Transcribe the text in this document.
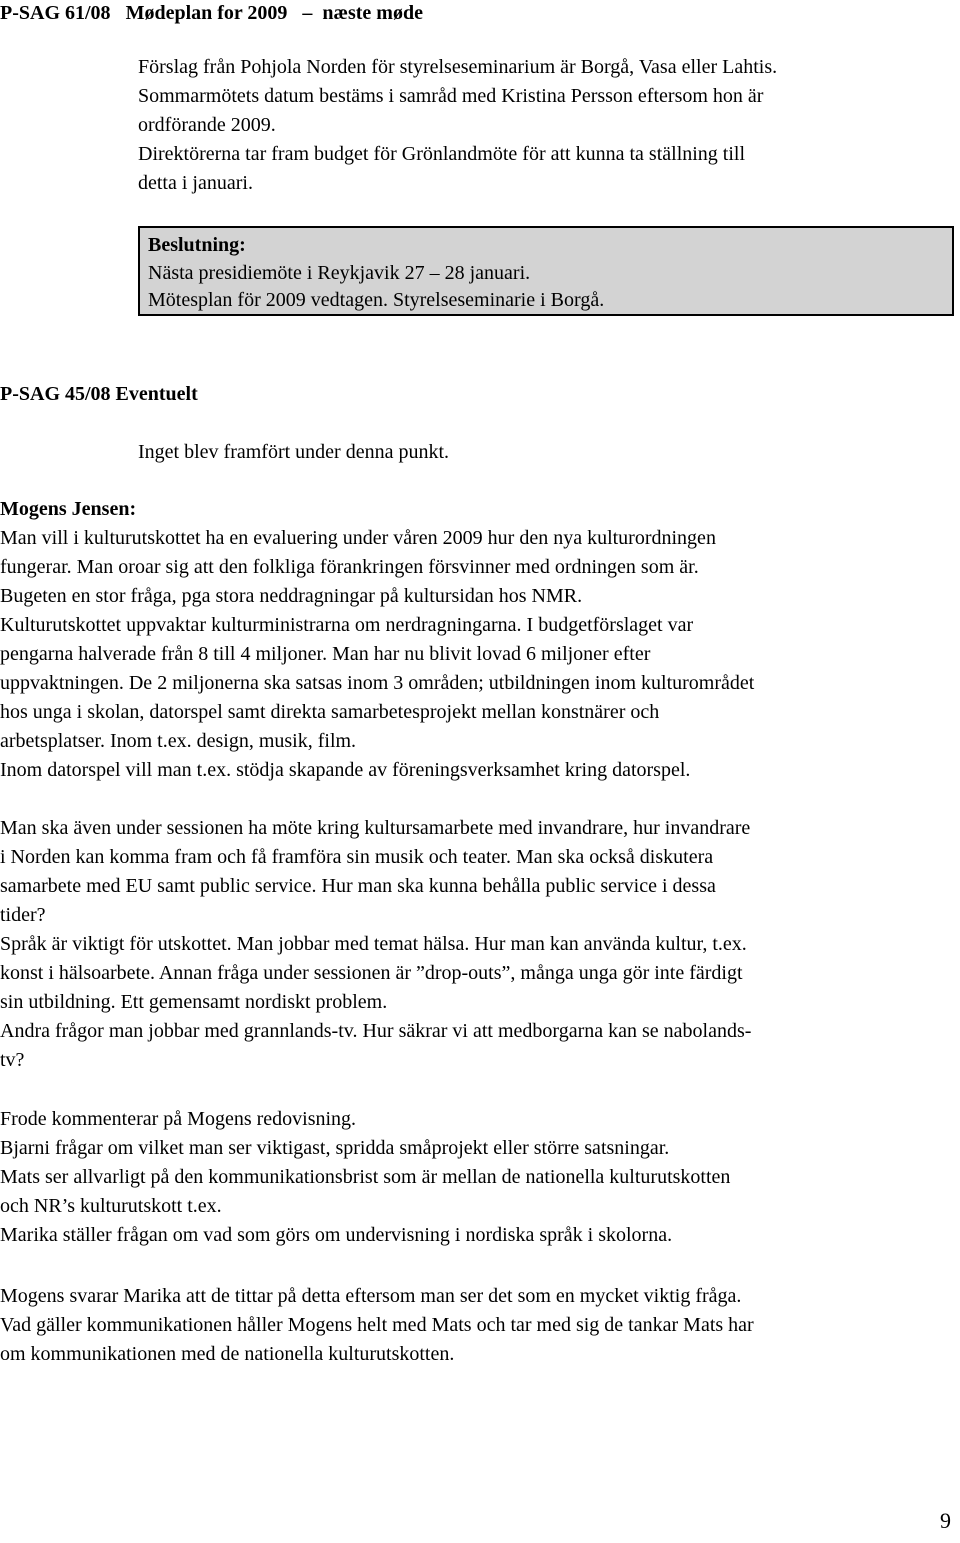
P-SAG 61/08 Mødeplan for 2009 – næste møde
Förslag från Pohjola Norden för styrelseseminarium är Borgå, Vasa eller Lahtis.
Sommarmötets datum bestäms i samråd med Kristina Persson eftersom hon är
ordförande 2009.
Direktörerna tar fram budget för Grönlandmöte för att kunna ta ställning till
detta i januari.
Beslutning:
Nästa presidiemöte i Reykjavik 27 – 28 januari.
Mötesplan för 2009 vedtagen. Styrelseseminarie i Borgå.
P-SAG 45/08 Eventuelt
Inget blev framfört under denna punkt.
Mogens Jensen:
Man vill i kulturutskottet ha en evaluering under våren 2009 hur den nya kulturordningen
fungerar. Man oroar sig att den folkliga förankringen försvinner med ordningen som är.
Bugeten en stor fråga, pga stora neddragningar på kultursidan hos NMR.
Kulturutskottet uppvaktar kulturministrarna om nerdragningarna. I budgetförslaget var
pengarna halverade från 8 till 4 miljoner. Man har nu blivit lovad 6 miljoner efter
uppvaktningen. De 2 miljonerna ska satsas inom 3 områden; utbildningen inom kulturområdet
hos unga i skolan, datorspel samt direkta samarbetesprojekt mellan konstnärer och
arbetsplatser. Inom t.ex. design, musik, film.
Inom datorspel vill man t.ex. stödja skapande av föreningsverksamhet kring datorspel.
Man ska även under sessionen ha möte kring kultursamarbete med invandrare, hur invandrare
i Norden kan komma fram och få framföra sin musik och teater. Man ska också diskutera
samarbete med EU samt public service. Hur man ska kunna behålla public service i dessa
tider?
Språk är viktigt för utskottet. Man jobbar med temat hälsa. Hur man kan använda kultur, t.ex.
konst i hälsoarbete. Annan fråga under sessionen är ”drop-outs”, många unga gör inte färdigt
sin utbildning. Ett gemensamt nordiskt problem.
Andra frågor man jobbar med grannlands-tv. Hur säkrar vi att medborgarna kan se nabolands-
tv?
Frode kommenterar på Mogens redovisning.
Bjarni frågar om vilket man ser viktigast, spridda småprojekt eller större satsningar.
Mats ser allvarligt på den kommunikationsbrist som är mellan de nationella kulturutskotten
och NR’s kulturutskott t.ex.
Marika ställer frågan om vad som görs om undervisning i nordiska språk i skolorna.
Mogens svarar Marika att de tittar på detta eftersom man ser det som en mycket viktig fråga.
Vad gäller kommunikationen håller Mogens helt med Mats och tar med sig de tankar Mats har
om kommunikationen med de nationella kulturutskotten.
9
